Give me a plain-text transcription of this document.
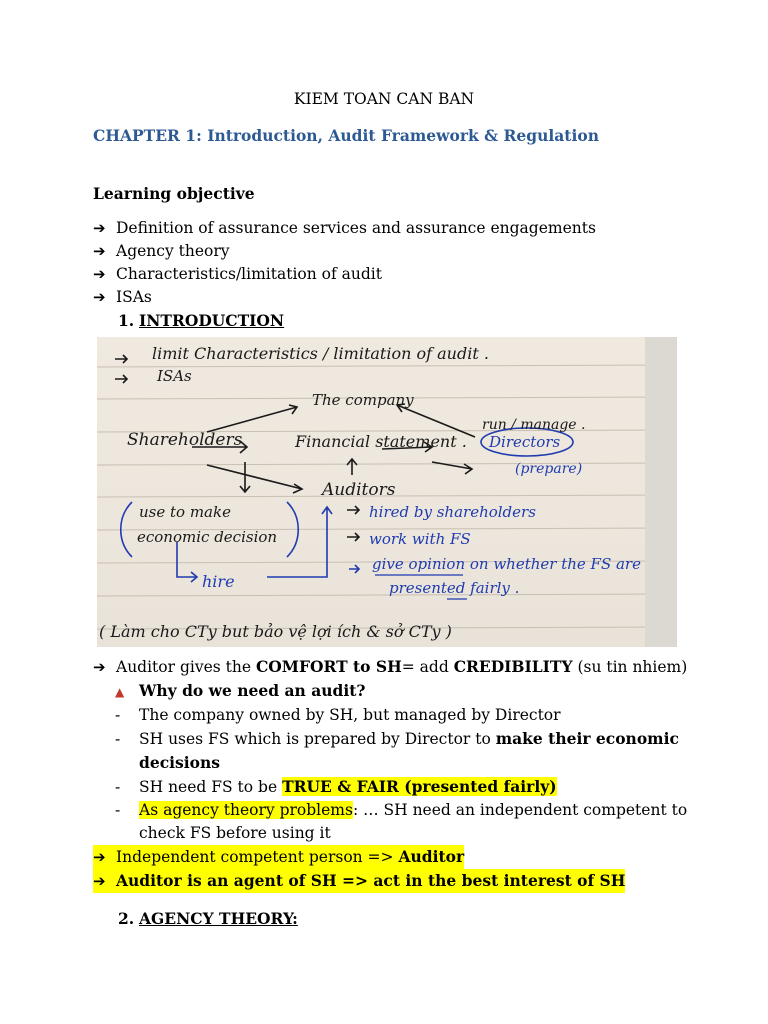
KIEM TOAN CAN BAN
CHAPTER 1: Introduction, Audit Framework & Regulation
Learning objective
➔ Definition of assurance services and assurance engagements
➔ Agency theory
➔ Characteristics/limitation of audit
➔ ISAs
1. INTRODUCTION
limit Characteristics / limitation of audit .
ISAs
The company
Shareholders	Financial statement .
run / manage .
Directors
(prepare)
Auditors
use to make
economic decision
hired by shareholders
work with FS
give opinion on whether the FS are
presented fairly .
hire
( Làm cho CTy but bảo vệ lợi ích & sở CTy )
➔ Auditor gives the COMFORT to SH= add CREDIBILITY (su tin nhiem)
▲ Why do we need an audit?
-	The company owned by SH, but managed by Director
-	SH uses FS which is prepared by Director to make their economic
decisions
-	SH need FS to be TRUE & FAIR (presented fairly)
-	As agency theory problems: … SH need an independent competent to
check FS before using it
➔ Independent competent person => Auditor
➔ Auditor is an agent of SH => act in the best interest of SH
2. AGENCY THEORY:
